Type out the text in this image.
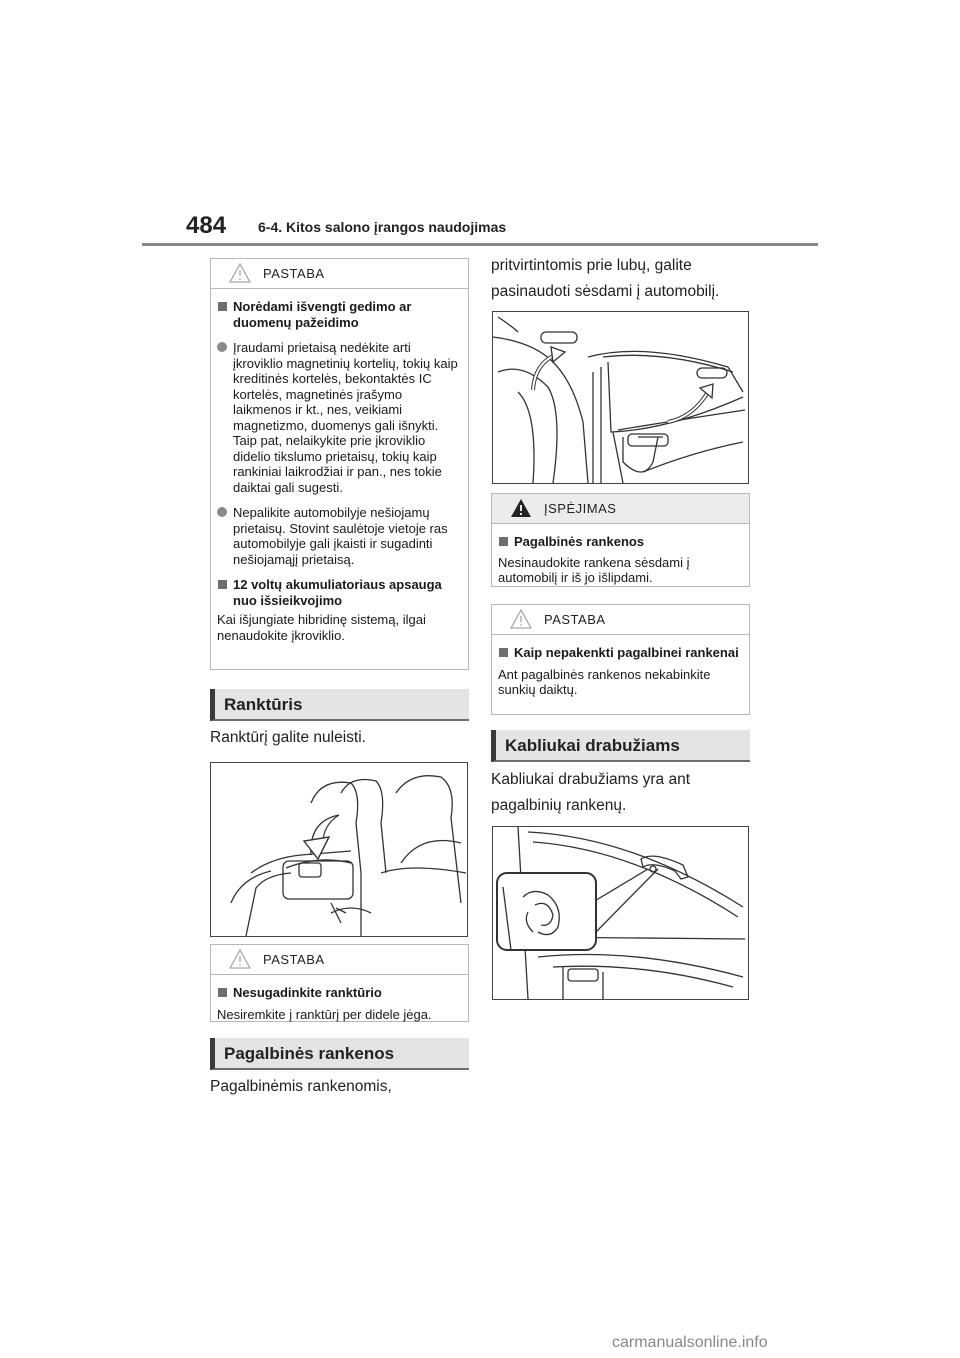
484 6-4. Kitos salono įrangos naudojimas
PASTABA
Norėdami išvengti gedimo ar duomenų pažeidimo
Įraudami prietaisą nedėkite arti įkroviklio magnetinių kortelių, tokių kaip kreditinės kortelės, bekontaktės IC kortelės, magnetinės įrašymo laikmenos ir kt., nes, veikiami magnetizmo, duomenys gali išnykti. Taip pat, nelaikykite prie įkroviklio didelio tikslumo prietaisų, tokių kaip rankiniai laikrodžiai ir pan., nes tokie daiktai gali sugesti.
Nepalikite automobilyje nešiojamų prietaisų. Stovint saulėtoje vietoje ras automobilyje gali įkaisti ir sugadinti nešiojamąjį prietaisą.
12 voltų akumuliatoriaus apsauga nuo išsieikvojimo
Kai išjungiate hibridinę sistemą, ilgai nenaudokite įkroviklio.
Ranktūris
Ranktūrį galite nuleisti.
PASTABA
Nesugadinkite ranktūrio
Nesiremkite į ranktūrį per didele jėga.
Pagalbinės rankenos
Pagalbinėmis rankenomis,
pritvirtintomis prie lubų, galite pasinaudoti sėsdami į automobilį.
ĮSPĖJIMAS
Pagalbinės rankenos
Nesinaudokite rankena sėsdami į automobilį ir iš jo išlipdami.
PASTABA
Kaip nepakenkti pagalbinei rankenai
Ant pagalbinės rankenos nekabinkite sunkių daiktų.
Kabliukai drabužiams
Kabliukai drabužiams yra ant pagalbinių rankenų.
carmanualsonline.info
